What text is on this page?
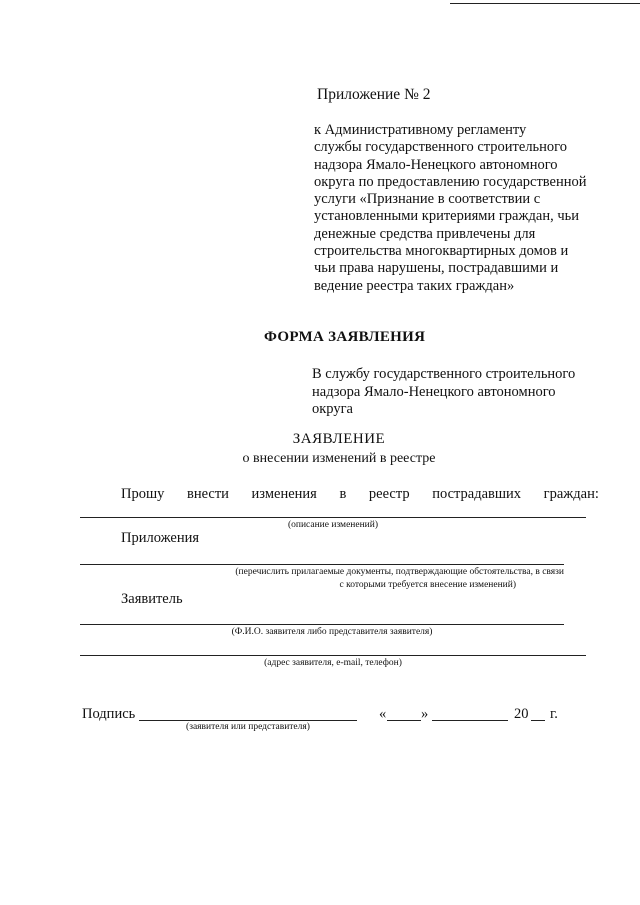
Приложение № 2
к Административному регламенту
службы государственного строительного
надзора Ямало-Ненецкого автономного
округа по предоставлению государственной
услуги «Признание в соответствии с
установленными критериями граждан, чьи
денежные средства привлечены для
строительства многоквартирных домов и
чьи права нарушены, пострадавшими и
ведение реестра таких граждан»
ФОРМА ЗАЯВЛЕНИЯ
В службу государственного строительного
надзора Ямало-Ненецкого автономного
округа
ЗАЯВЛЕНИЕ
о внесении изменений в реестре
Прошу внести изменения в реестр пострадавших граждан:
(описание изменений)
Приложения
(перечислить прилагаемые документы, подтверждающие обстоятельства, в связи
с которыми требуется внесение изменений)
Заявитель
(Ф.И.О. заявителя либо представителя заявителя)
(адрес заявителя, e-mail, телефон)
Подпись
(заявителя или представителя)
« »	20 г.
